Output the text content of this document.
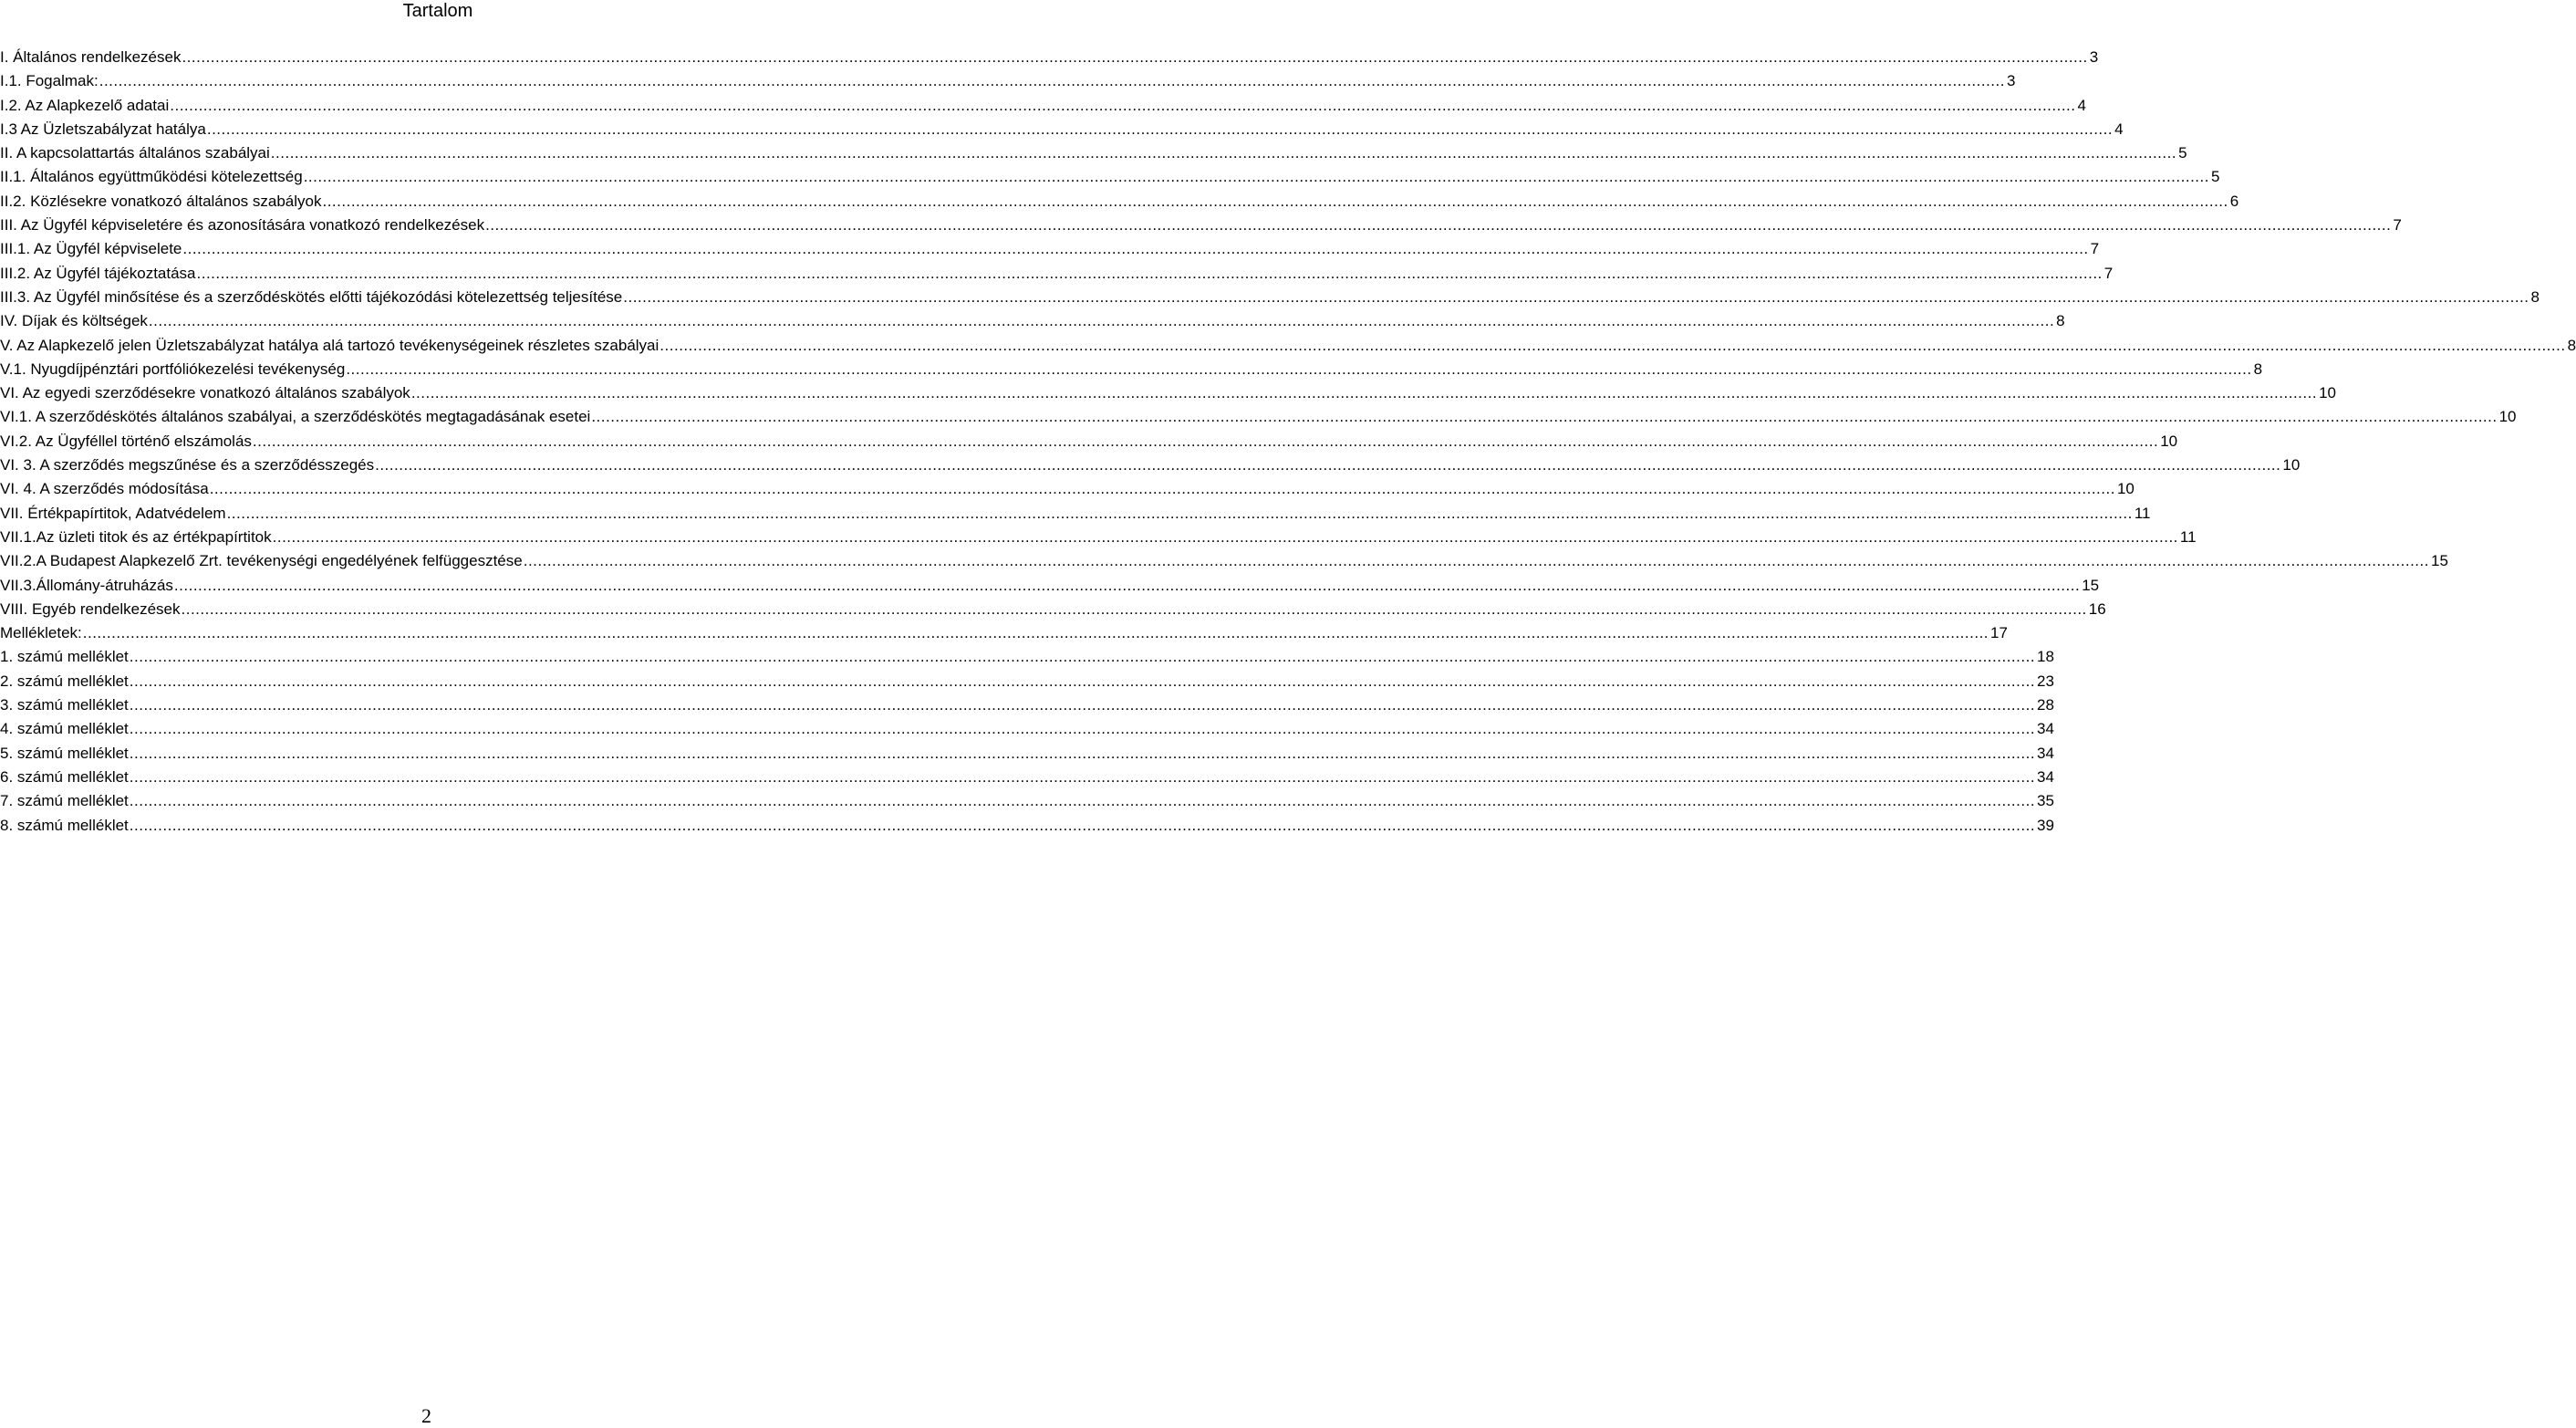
Tartalom
I. Általános rendelkezések ................................................................................................................................................................................................................................................................................................................................................................................................................ 3
I.1. Fogalmak: ................................................................................................................................................................................................................................................................................................................................................................................................................ 3
I.2. Az Alapkezelő adatai ................................................................................................................................................................................................................................................................................................................................................................................................................ 4
I.3 Az Üzletszabályzat hatálya ................................................................................................................................................................................................................................................................................................................................................................................................................ 4
II. A kapcsolattartás általános szabályai ................................................................................................................................................................................................................................................................................................................................................................................................................ 5
II.1. Általános együttműködési kötelezettség ................................................................................................................................................................................................................................................................................................................................................................................................................ 5
II.2. Közlésekre vonatkozó általános szabályok ................................................................................................................................................................................................................................................................................................................................................................................................................ 6
III. Az Ügyfél képviseletére és azonosítására vonatkozó rendelkezések ................................................................................................................................................................................................................................................................................................................................................................................................................ 7
III.1. Az Ügyfél képviselete ................................................................................................................................................................................................................................................................................................................................................................................................................ 7
III.2. Az Ügyfél tájékoztatása ................................................................................................................................................................................................................................................................................................................................................................................................................ 7
III.3. Az Ügyfél minősítése és a szerződéskötés előtti tájékozódási kötelezettség teljesítése ................................................................................................................................................................................................................................................................................................................................................................................................................ 8
IV. Díjak és költségek ................................................................................................................................................................................................................................................................................................................................................................................................................ 8
V. Az Alapkezelő jelen Üzletszabályzat hatálya alá tartozó tevékenységeinek részletes szabályai ................................................................................................................................................................................................................................................................................................................................................................................................................ 8
V.1. Nyugdíjpénztári portfóliókezelési tevékenység ................................................................................................................................................................................................................................................................................................................................................................................................................ 8
VI. Az egyedi szerződésekre vonatkozó általános szabályok ................................................................................................................................................................................................................................................................................................................................................................................................................ 10
VI.1. A szerződéskötés általános szabályai, a szerződéskötés megtagadásának esetei ................................................................................................................................................................................................................................................................................................................................................................................................................ 10
VI.2. Az Ügyféllel történő elszámolás ................................................................................................................................................................................................................................................................................................................................................................................................................ 10
VI. 3. A szerződés megszűnése és a szerződésszegés ................................................................................................................................................................................................................................................................................................................................................................................................................ 10
VI. 4. A szerződés módosítása ................................................................................................................................................................................................................................................................................................................................................................................................................ 10
VII. Értékpapírtitok, Adatvédelem ................................................................................................................................................................................................................................................................................................................................................................................................................ 11
VII.1.Az üzleti titok és az értékpapírtitok ................................................................................................................................................................................................................................................................................................................................................................................................................ 11
VII.2.A Budapest Alapkezelő Zrt. tevékenységi engedélyének felfüggesztése ................................................................................................................................................................................................................................................................................................................................................................................................................ 15
VII.3.Állomány-átruházás ................................................................................................................................................................................................................................................................................................................................................................................................................ 15
VIII. Egyéb rendelkezések ................................................................................................................................................................................................................................................................................................................................................................................................................ 16
Mellékletek: ................................................................................................................................................................................................................................................................................................................................................................................................................ 17
1. számú melléklet ................................................................................................................................................................................................................................................................................................................................................................................................................ 18
2. számú melléklet ................................................................................................................................................................................................................................................................................................................................................................................................................ 23
3. számú melléklet ................................................................................................................................................................................................................................................................................................................................................................................................................ 28
4. számú melléklet ................................................................................................................................................................................................................................................................................................................................................................................................................ 34
5. számú melléklet ................................................................................................................................................................................................................................................................................................................................................................................................................ 34
6. számú melléklet ................................................................................................................................................................................................................................................................................................................................................................................................................ 34
7. számú melléklet ................................................................................................................................................................................................................................................................................................................................................................................................................ 35
8. számú melléklet ................................................................................................................................................................................................................................................................................................................................................................................................................ 39

2
